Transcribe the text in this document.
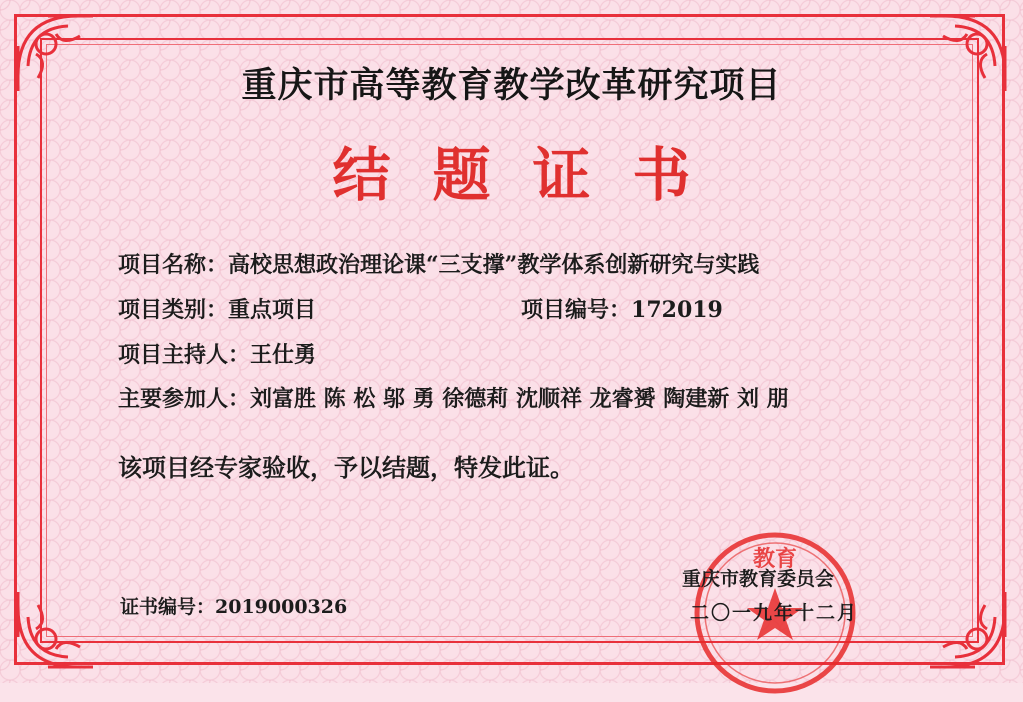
重庆市高等教育教学改革研究项目
结题证书
项目名称：高校思想政治理论课“三支撑”教学体系创新研究与实践
项目类别：重点项目	项目编号：172019
项目主持人：王仕勇
主要参加人：刘富胜 陈 松 邬 勇 徐德莉 沈顺祥 龙睿赟 陶建新 刘 朋
该项目经专家验收，予以结题，特发此证。
证书编号：2019000326
教育
重庆市教育委员会
二〇一九年十二月
